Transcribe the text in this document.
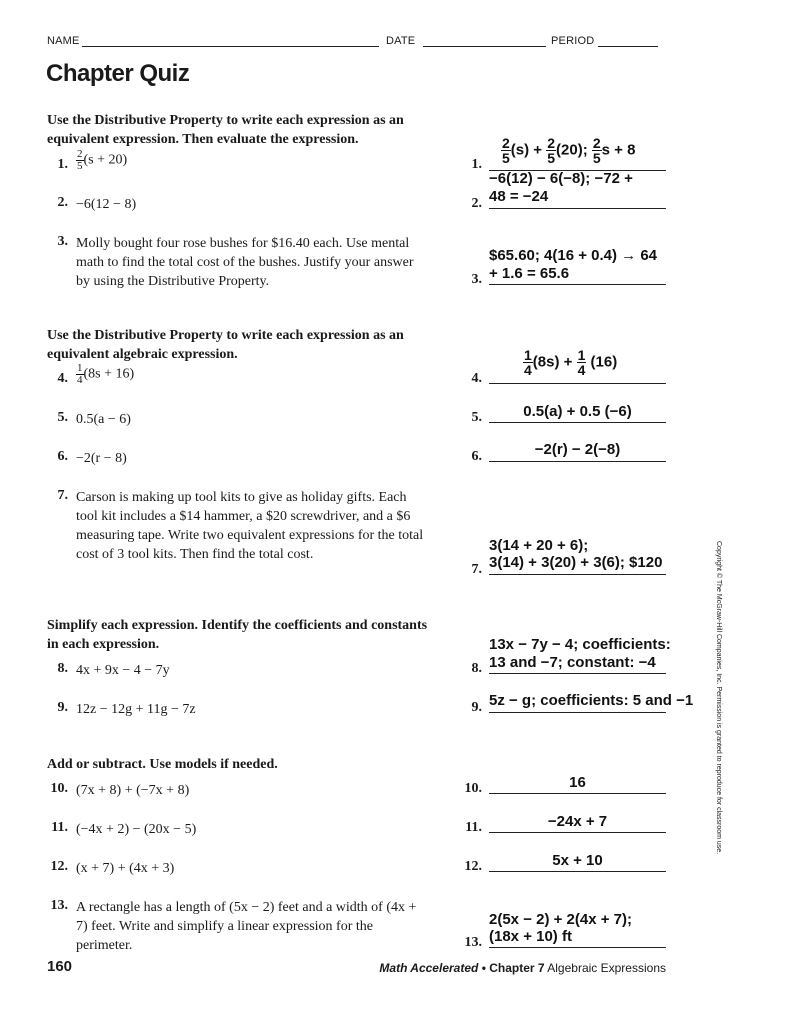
NAME	DATE	PERIOD
Chapter Quiz
Use the Distributive Property to write each expression as an equivalent expression. Then evaluate the expression.
1. $\frac{2}{5} (s + 20)$
2. −6(12 − 8)
3. Molly bought four rose bushes for $16.40 each. Use mental math to find the total cost of the bushes. Justify your answer by using the Distributive Property.
Use the Distributive Property to write each expression as an equivalent algebraic expression.
4. $\frac{1}{4} (8s + 16)$
5. 0.5(a − 6)
6. −2(r − 8)
7. Carson is making up tool kits to give as holiday gifts. Each tool kit includes a $14 hammer, a $20 screwdriver, and a $6 measuring tape. Write two equivalent expressions for the total cost of 3 tool kits. Then find the total cost.
Simplify each expression. Identify the coefficients and constants in each expression.
8. 4x + 9x − 4 − 7y
9. 12z − 12g + 11g − 7z
Add or subtract. Use models if needed.
10. (7x + 8) + (−7x + 8)
11. (−4x + 2) − (20x − 5)
12. (x + 7) + (4x + 3)
13. A rectangle has a length of (5x − 2) feet and a width of (4x + 7) feet. Write and simplify a linear expression for the perimeter.
1. $\frac{2}{5} (s) + \frac{2}{5} (20)$; $\frac{2}{5}$ s + 8
2.
−6(12) − 6(−8); −72 +
48 = −24
3.
$65.60; 4(16 + 0.4) → 64
+ 1.6 = 65.6
4.
$\frac{1}{4} (8s) + \frac{1}{4} (16)$
5.	0.5(a) + 0.5 (−6)
6.	−2(r) − 2(−8)
7.
3(14 + 20 + 6);
3(14) + 3(20) + 3(6); $120
8.
13x − 7y − 4; coefficients:
13 and −7; constant: −4
9. 5z − g; coefficients: 5 and −1
10.	16
11.	−24x + 7
12.	5x + 10
13.
2(5x − 2) + 2(4x + 7);
(18x + 10) ft
Copyright © The McGraw-Hill Companies, Inc. Permission is granted to reproduce for classroom use.
160	Math Accelerated • Chapter 7 Algebraic Expressions
